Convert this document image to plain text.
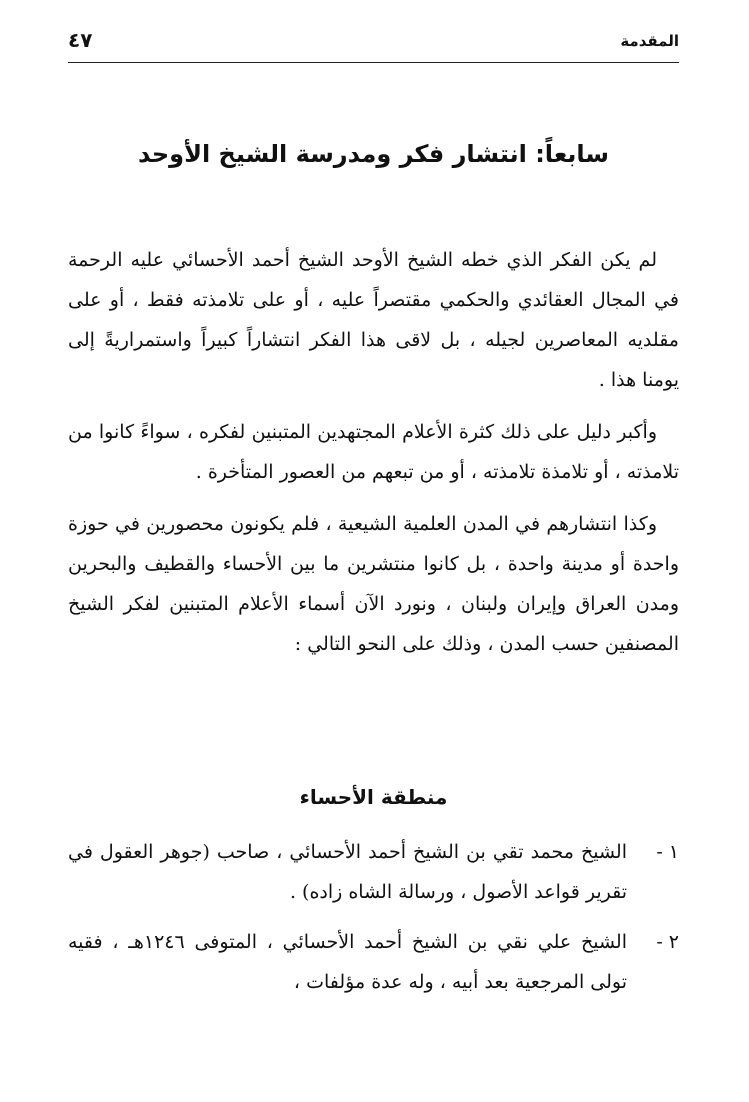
المقدمة
٤٧
سابعاً: انتشار فكر ومدرسة الشيخ الأوحد

لم يكن الفكر الذي خطه الشيخ الأوحد الشيخ أحمد الأحسائي عليه الرحمة في المجال العقائدي والحكمي مقتصراً عليه ، أو على تلامذته فقط ، أو على مقلديه المعاصرين لجيله ، بل لاقى هذا الفكر انتشاراً كبيراً واستمراريةً إلى يومنا هذا .

وأكبر دليل على ذلك كثرة الأعلام المجتهدين المتبنين لفكره ، سواءً كانوا من تلامذته ، أو تلامذة تلامذته ، أو من تبعهم من العصور المتأخرة .

وكذا انتشارهم في المدن العلمية الشيعية ، فلم يكونون محصورين في حوزة واحدة أو مدينة واحدة ، بل كانوا منتشرين ما بين الأحساء والقطيف والبحرين ومدن العراق وإيران ولبنان ، ونورد الآن أسماء الأعلام المتبنين لفكر الشيخ المصنفين حسب المدن ، وذلك على النحو التالي :

منطقة الأحساء
١ -
الشيخ محمد تقي بن الشيخ أحمد الأحسائي ، صاحب (جوهر العقول في تقرير قواعد الأصول ، ورسالة الشاه زاده) .
٢ -
الشيخ علي نقي بن الشيخ أحمد الأحسائي ، المتوفى ١٢٤٦هـ ، فقيه تولى المرجعية بعد أبيه ، وله عدة مؤلفات ،
